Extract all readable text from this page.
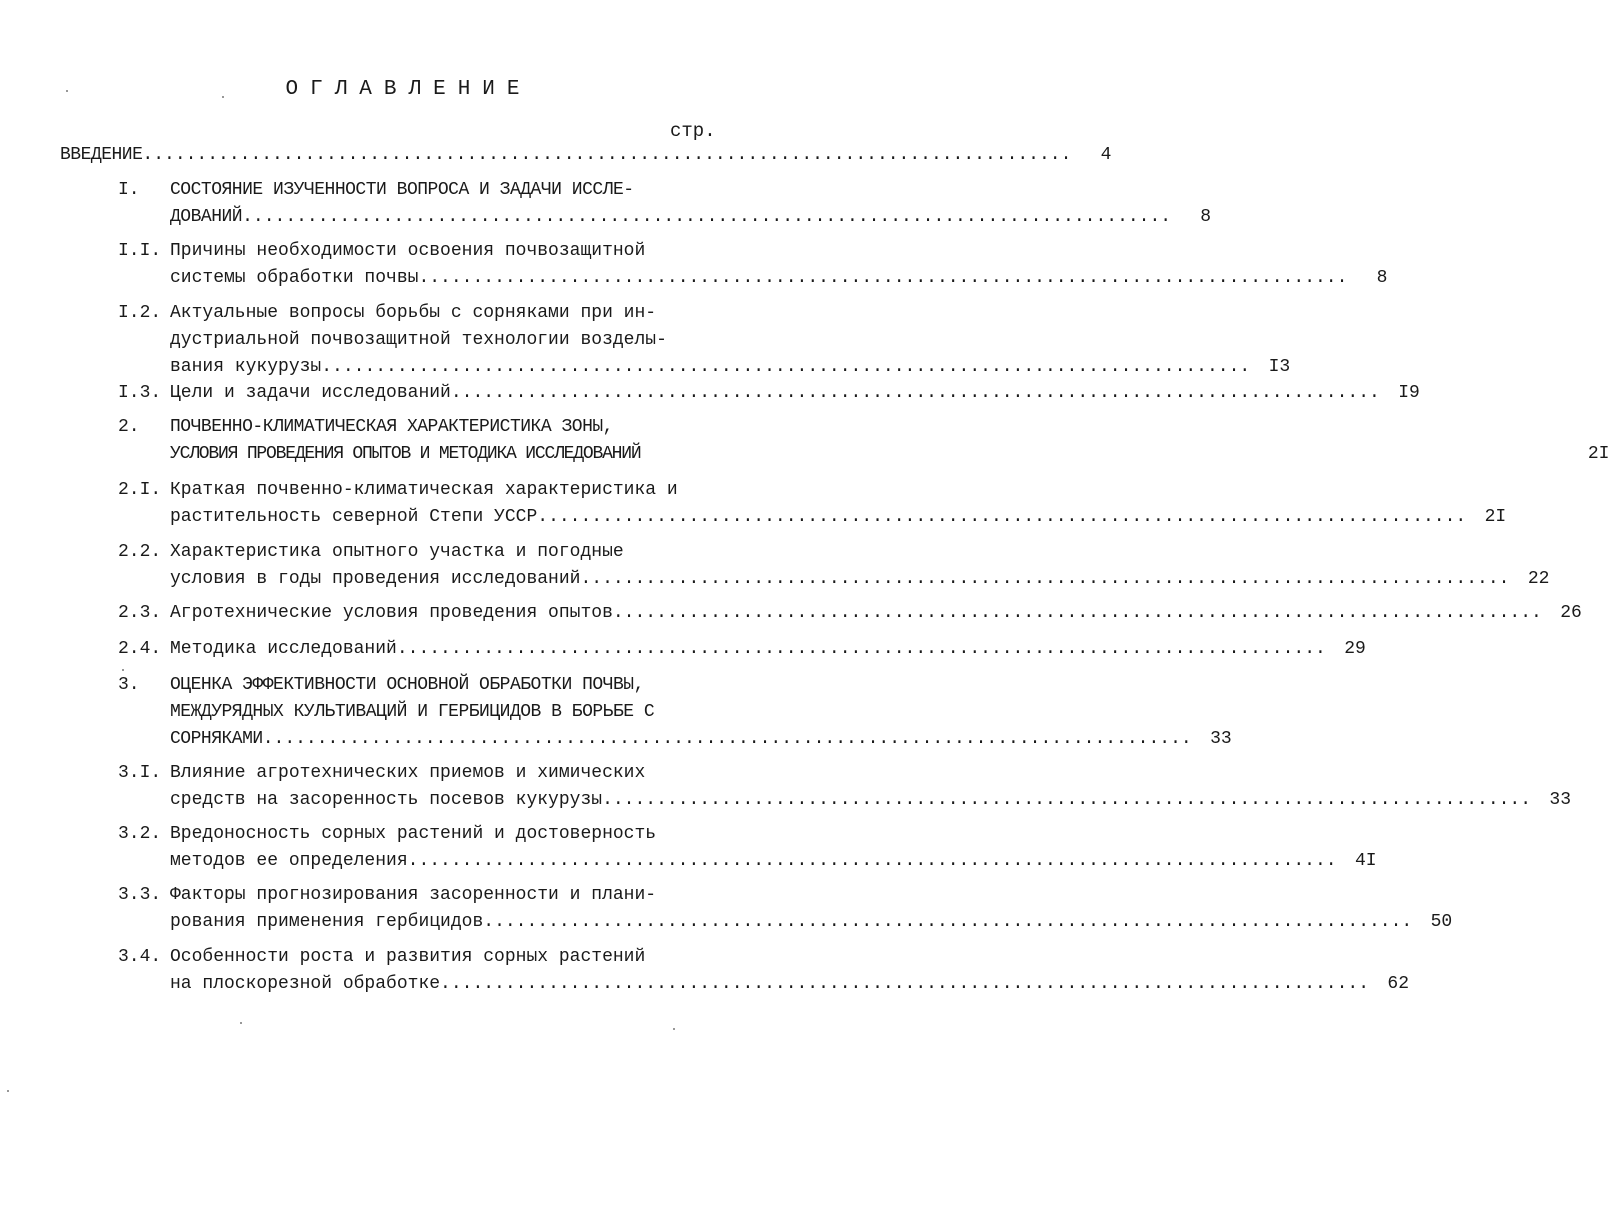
ОГЛАВЛЕНИЕ
стр.
ВВЕДЕНИЕ ......................................................................................	4
I.	СОСТОЯНИЕ ИЗУЧЕННОСТИ ВОПРОСА И ЗАДАЧИ ИССЛЕ-
ДОВАНИЙ ......................................................................................	8
I.I. Причины необходимости освоения почвозащитной
системы обработки почвы ......................................................................................	8
I.2. Актуальные вопросы борьбы с сорняками при ин-
дустриальной почвозащитной технологии возделы-
вания кукурузы ......................................................................................	I3
I.3. Цели и задачи исследований ......................................................................................	I9
2.	ПОЧВЕННО-КЛИМАТИЧЕСКАЯ ХАРАКТЕРИСТИКА ЗОНЫ,
УСЛОВИЯ ПРОВЕДЕНИЯ ОПЫТОВ И МЕТОДИКА ИССЛЕДОВАНИЙ	2I
2.I. Краткая почвенно-климатическая характеристика и
растительность северной Степи УССР ......................................................................................	2I
2.2. Характеристика опытного участка и погодные
условия в годы проведения исследований ......................................................................................	22
2.3. Агротехнические условия проведения опытов ......................................................................................	26
2.4. Методика исследований ......................................................................................	29
3.	ОЦЕНКА ЭФФЕКТИВНОСТИ ОСНОВНОЙ ОБРАБОТКИ ПОЧВЫ,
МЕЖДУРЯДНЫХ КУЛЬТИВАЦИЙ И ГЕРБИЦИДОВ В БОРЬБЕ С
СОРНЯКАМИ ......................................................................................	33
3.I. Влияние агротехнических приемов и химических
средств на засоренность посевов кукурузы ......................................................................................	33
3.2. Вредоносность сорных растений и достоверность
методов ее определения ......................................................................................	4I
3.3. Факторы прогнозирования засоренности и плани-
рования применения гербицидов ......................................................................................	50
3.4. Особенности роста и развития сорных растений
на плоскорезной обработке ......................................................................................	62
